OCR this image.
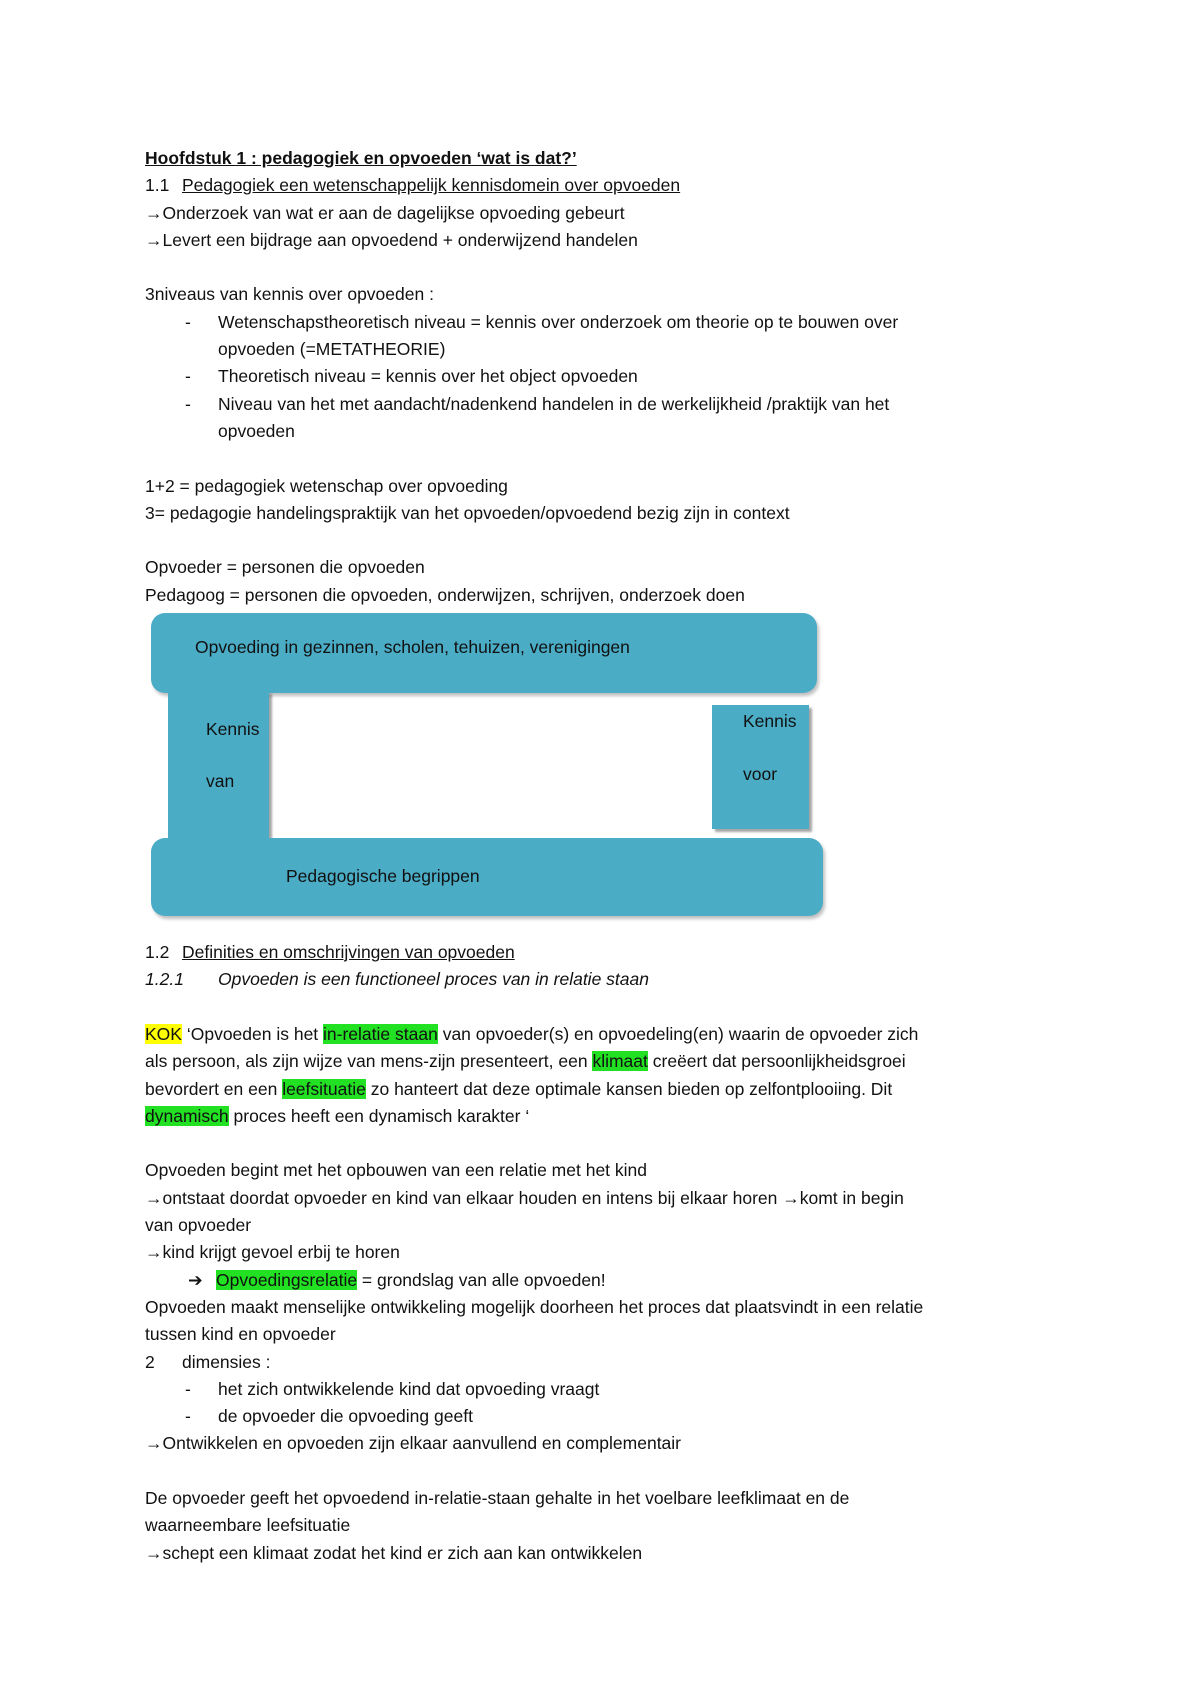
Hoofdstuk 1 : pedagogiek en opvoeden ‘wat is dat?’
1.1 Pedagogiek een wetenschappelijk kennisdomein over opvoeden
→Onderzoek van wat er aan de dagelijkse opvoeding gebeurt
→Levert een bijdrage aan opvoedend + onderwijzend handelen
3niveaus van kennis over opvoeden :
- Wetenschapstheoretisch niveau = kennis over onderzoek om theorie op te bouwen over
opvoeden (=METATHEORIE)
- Theoretisch niveau = kennis over het object opvoeden
- Niveau van het met aandacht/nadenkend handelen in de werkelijkheid /praktijk van het
opvoeden
1+2 = pedagogiek wetenschap over opvoeding
3= pedagogie handelingspraktijk van het opvoeden/opvoedend bezig zijn in context
Opvoeder = personen die opvoeden
Pedagoog = personen die opvoeden, onderwijzen, schrijven, onderzoek doen
Opvoeding in gezinnen, scholen, tehuizen, verenigingen
Kennis
van
Kennis
voor
Pedagogische begrippen
1.2 Definities en omschrijvingen van opvoeden
1.2.1 Opvoeden is een functioneel proces van in relatie staan
KOK ‘Opvoeden is het in-relatie staan van opvoeder(s) en opvoedeling(en) waarin de opvoeder zich
als persoon, als zijn wijze van mens-zijn presenteert, een klimaat creëert dat persoonlijkheidsgroei
bevordert en een leefsituatie zo hanteert dat deze optimale kansen bieden op zelfontplooiing. Dit
dynamisch proces heeft een dynamisch karakter ‘
Opvoeden begint met het opbouwen van een relatie met het kind
→ontstaat doordat opvoeder en kind van elkaar houden en intens bij elkaar horen →komt in begin
van opvoeder
→kind krijgt gevoel erbij te horen
➔ Opvoedingsrelatie = grondslag van alle opvoeden!
Opvoeden maakt menselijke ontwikkeling mogelijk doorheen het proces dat plaatsvindt in een relatie
tussen kind en opvoeder
2 dimensies :
- het zich ontwikkelende kind dat opvoeding vraagt
- de opvoeder die opvoeding geeft
→Ontwikkelen en opvoeden zijn elkaar aanvullend en complementair
De opvoeder geeft het opvoedend in-relatie-staan gehalte in het voelbare leefklimaat en de
waarneembare leefsituatie
→schept een klimaat zodat het kind er zich aan kan ontwikkelen
